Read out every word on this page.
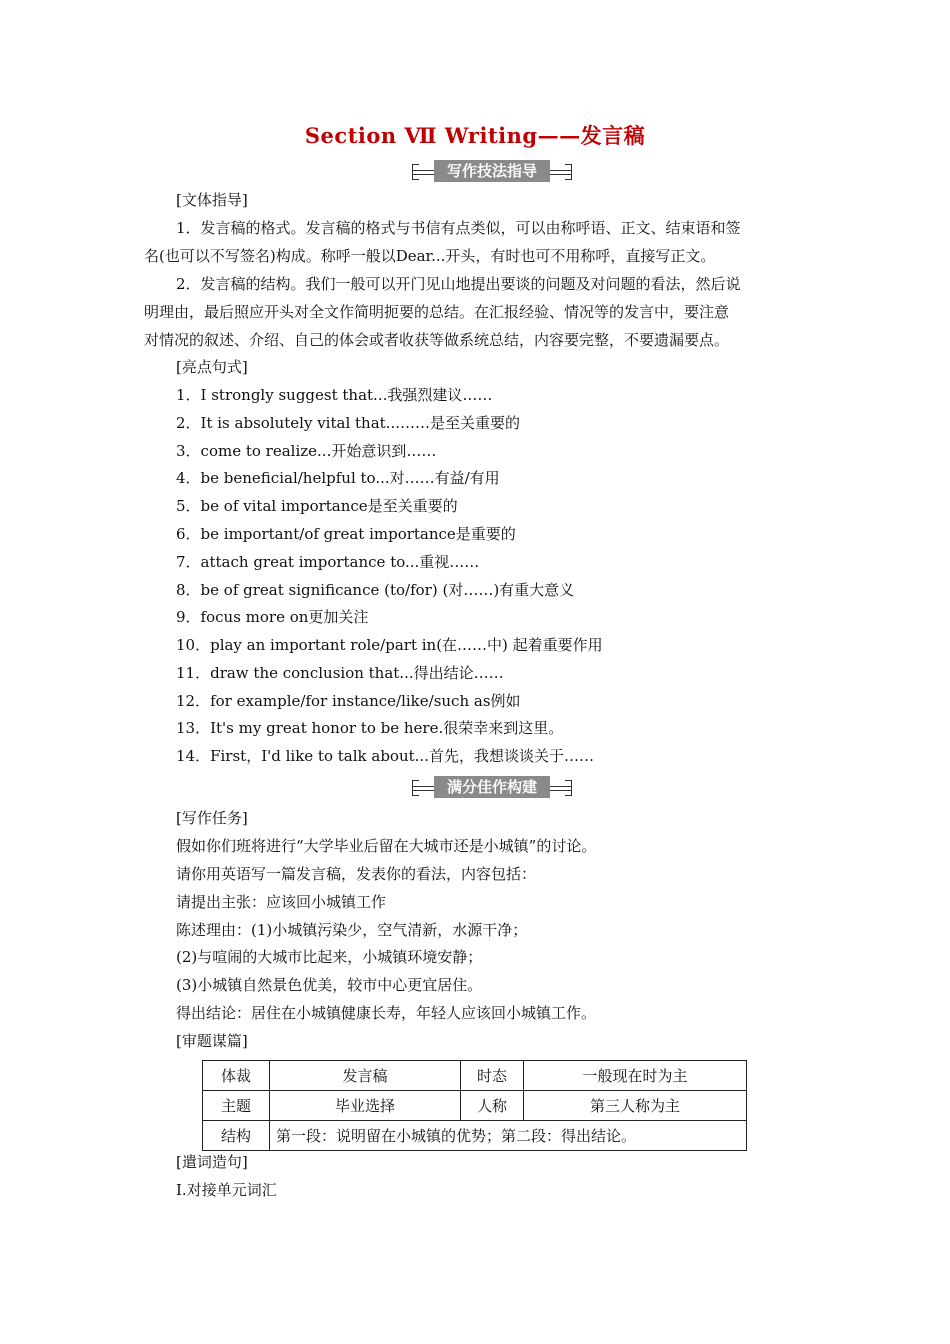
Section Ⅶ Writing——发言稿
写作技法指导
[文体指导]
1．发言稿的格式。发言稿的格式与书信有点类似，可以由称呼语、正文、结束语和签
名(也可以不写签名)构成。称呼一般以Dear...开头，有时也可不用称呼，直接写正文。
2．发言稿的结构。我们一般可以开门见山地提出要谈的问题及对问题的看法，然后说
明理由，最后照应开头对全文作简明扼要的总结。在汇报经验、情况等的发言中，要注意
对情况的叙述、介绍、自己的体会或者收获等做系统总结，内容要完整，不要遗漏要点。
[亮点句式]
1．I strongly suggest that...我强烈建议……
2．It is absolutely vital that...……是至关重要的
3．come to realize...开始意识到……
4．be beneficial/helpful to...对……有益/有用
5．be of vital importance是至关重要的
6．be important/of great importance是重要的
7．attach great importance to...重视……
8．be of great significance (to/for) (对……)有重大意义
9．focus more on更加关注
10．play an important role/part in(在……中) 起着重要作用
11．draw the conclusion that...得出结论……
12．for example/for instance/like/such as例如
13．It's my great honor to be here.很荣幸来到这里。
14．First，I'd like to talk about...首先，我想谈谈关于……
满分佳作构建
[写作任务]
假如你们班将进行“大学毕业后留在大城市还是小城镇”的讨论。
请你用英语写一篇发言稿，发表你的看法，内容包括：
请提出主张：应该回小城镇工作
陈述理由：(1)小城镇污染少，空气清新，水源干净；
(2)与喧闹的大城市比起来，小城镇环境安静；
(3)小城镇自然景色优美，较市中心更宜居住。
得出结论：居住在小城镇健康长寿，年轻人应该回小城镇工作。
[审题谋篇]
体裁	发言稿	时态	一般现在时为主
主题	毕业选择	人称	第三人称为主
结构	第一段：说明留在小城镇的优势；第二段：得出结论。		
[遣词造句]
Ⅰ.对接单元词汇
